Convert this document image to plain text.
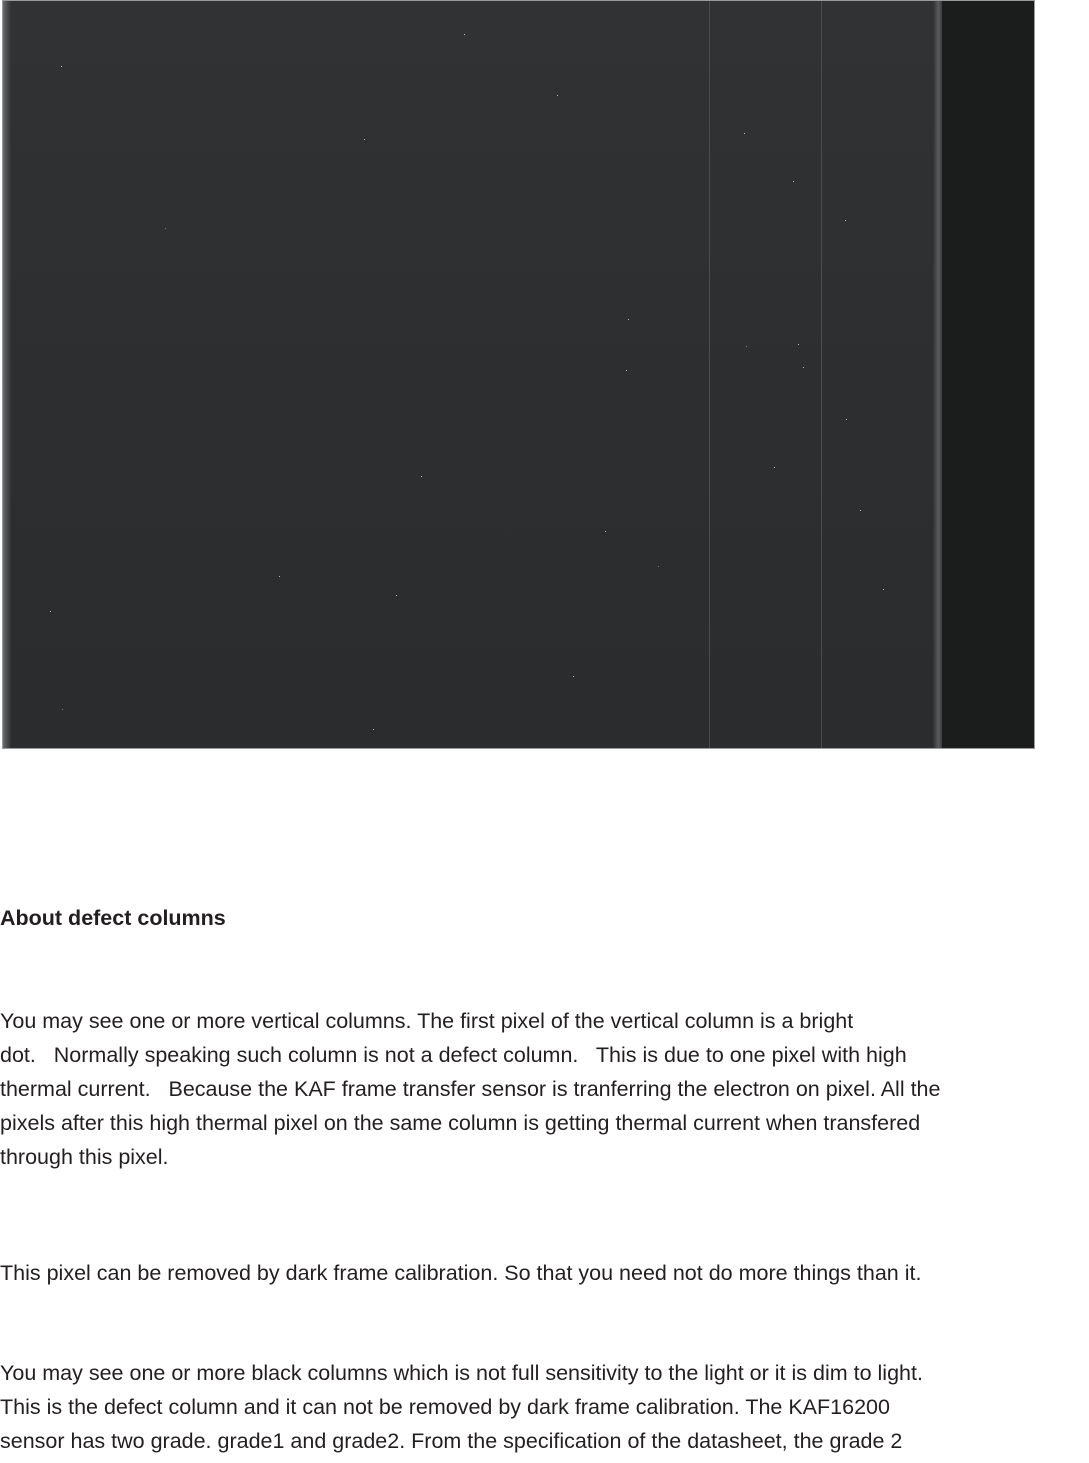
About defect columns
You may see one or more vertical columns. The first pixel of the vertical column is a bright
dot.   Normally speaking such column is not a defect column.   This is due to one pixel with high
thermal current.   Because the KAF frame transfer sensor is tranferring the electron on pixel. All the
pixels after this high thermal pixel on the same column is getting thermal current when transfered
through this pixel.
This pixel can be removed by dark frame calibration. So that you need not do more things than it.
You may see one or more black columns which is not full sensitivity to the light or it is dim to light.
This is the defect column and it can not be removed by dark frame calibration. The KAF16200
sensor has two grade. grade1 and grade2. From the specification of the datasheet, the grade 2
